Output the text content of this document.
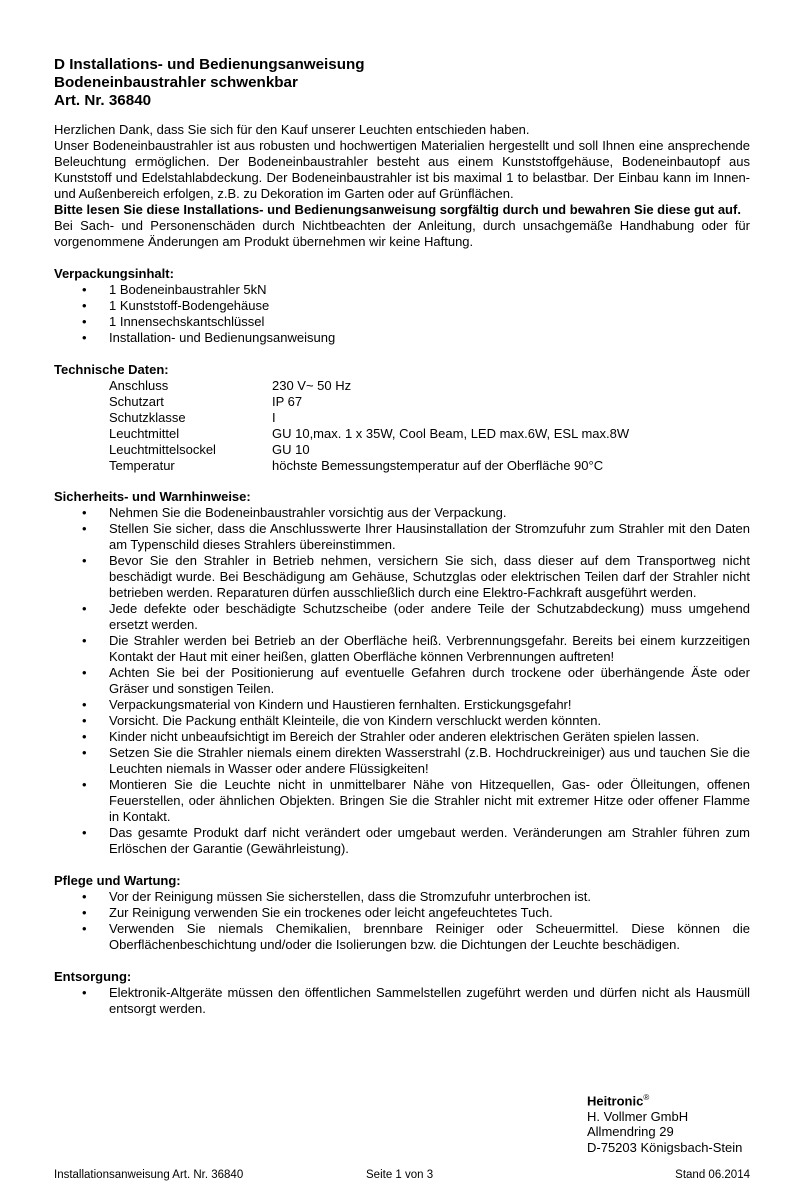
D Installations- und Bedienungsanweisung

Bodeneinbaustrahler schwenkbar

Art. Nr. 36840

Herzlichen Dank, dass Sie sich für den Kauf unserer Leuchten entschieden haben.

Unser Bodeneinbaustrahler ist aus robusten und hochwertigen Materialien hergestellt und soll Ihnen eine ansprechende Beleuchtung ermöglichen. Der Bodeneinbaustrahler besteht aus einem Kunststoffgehäuse, Bodeneinbautopf aus Kunststoff und Edelstahlabdeckung. Der Bodeneinbaustrahler ist bis maximal 1 to belastbar. Der Einbau kann im Innen- und Außenbereich erfolgen, z.B. zu Dekoration im Garten oder auf Grünflächen.

Bitte lesen Sie diese Installations- und Bedienungsanweisung sorgfältig durch und bewahren Sie diese gut auf.

Bei Sach- und Personenschäden durch Nichtbeachten der Anleitung, durch unsachgemäße Handhabung oder für vorgenommene Änderungen am Produkt übernehmen wir keine Haftung.

Verpackungsinhalt:

• 1 Bodeneinbaustrahler 5kN
• 1 Kunststoff-Bodengehäuse
• 1 Innensechskantschlüssel
• Installation- und Bedienungsanweisung

Technische Daten:

Anschluss	230 V~ 50 Hz
Schutzart	IP 67
Schutzklasse	I
Leuchtmittel	GU 10,max. 1 x 35W, Cool Beam, LED max.6W, ESL max.8W
Leuchtmittelsockel	GU 10
Temperatur	höchste Bemessungstemperatur auf der Oberfläche 90°C

Sicherheits- und Warnhinweise:

• Nehmen Sie die Bodeneinbaustrahler vorsichtig aus der Verpackung.
• Stellen Sie sicher, dass die Anschlusswerte Ihrer Hausinstallation der Stromzufuhr zum Strahler mit den Daten am Typenschild dieses Strahlers übereinstimmen.
• Bevor Sie den Strahler in Betrieb nehmen, versichern Sie sich, dass dieser auf dem Transportweg nicht beschädigt wurde. Bei Beschädigung am Gehäuse, Schutzglas oder elektrischen Teilen darf der Strahler nicht betrieben werden. Reparaturen dürfen ausschließlich durch eine Elektro-Fachkraft ausgeführt werden.
• Jede defekte oder beschädigte Schutzscheibe (oder andere Teile der Schutzabdeckung) muss umgehend ersetzt werden.
• Die Strahler werden bei Betrieb an der Oberfläche heiß. Verbrennungsgefahr. Bereits bei einem kurzzeitigen Kontakt der Haut mit einer heißen, glatten Oberfläche können Verbrennungen auftreten!
• Achten Sie bei der Positionierung auf eventuelle Gefahren durch trockene oder überhängende Äste oder Gräser und sonstigen Teilen.
• Verpackungsmaterial von Kindern und Haustieren fernhalten. Erstickungsgefahr!
• Vorsicht. Die Packung enthält Kleinteile, die von Kindern verschluckt werden könnten.
• Kinder nicht unbeaufsichtigt im Bereich der Strahler oder anderen elektrischen Geräten spielen lassen.
• Setzen Sie die Strahler niemals einem direkten Wasserstrahl (z.B. Hochdruckreiniger) aus und tauchen Sie die Leuchten niemals in Wasser oder andere Flüssigkeiten!
• Montieren Sie die Leuchte nicht in unmittelbarer Nähe von Hitzequellen, Gas- oder Ölleitungen, offenen Feuerstellen, oder ähnlichen Objekten. Bringen Sie die Strahler nicht mit extremer Hitze oder offener Flamme in Kontakt.
• Das gesamte Produkt darf nicht verändert oder umgebaut werden. Veränderungen am Strahler führen zum Erlöschen der Garantie (Gewährleistung).

Pflege und Wartung:

• Vor der Reinigung müssen Sie sicherstellen, dass die Stromzufuhr unterbrochen ist.
• Zur Reinigung verwenden Sie ein trockenes oder leicht angefeuchtetes Tuch.
• Verwenden Sie niemals Chemikalien, brennbare Reiniger oder Scheuermittel. Diese können die Oberflächenbeschichtung und/oder die Isolierungen bzw. die Dichtungen der Leuchte beschädigen.

Entsorgung:

• Elektronik-Altgeräte müssen den öffentlichen Sammelstellen zugeführt werden und dürfen nicht als Hausmüll entsorgt werden.
Heitronic®
H. Vollmer GmbH
Allmendring 29
D-75203 Königsbach-Stein
Installationsanweisung Art. Nr. 36840	Seite 1 von 3	Stand 06.2014
